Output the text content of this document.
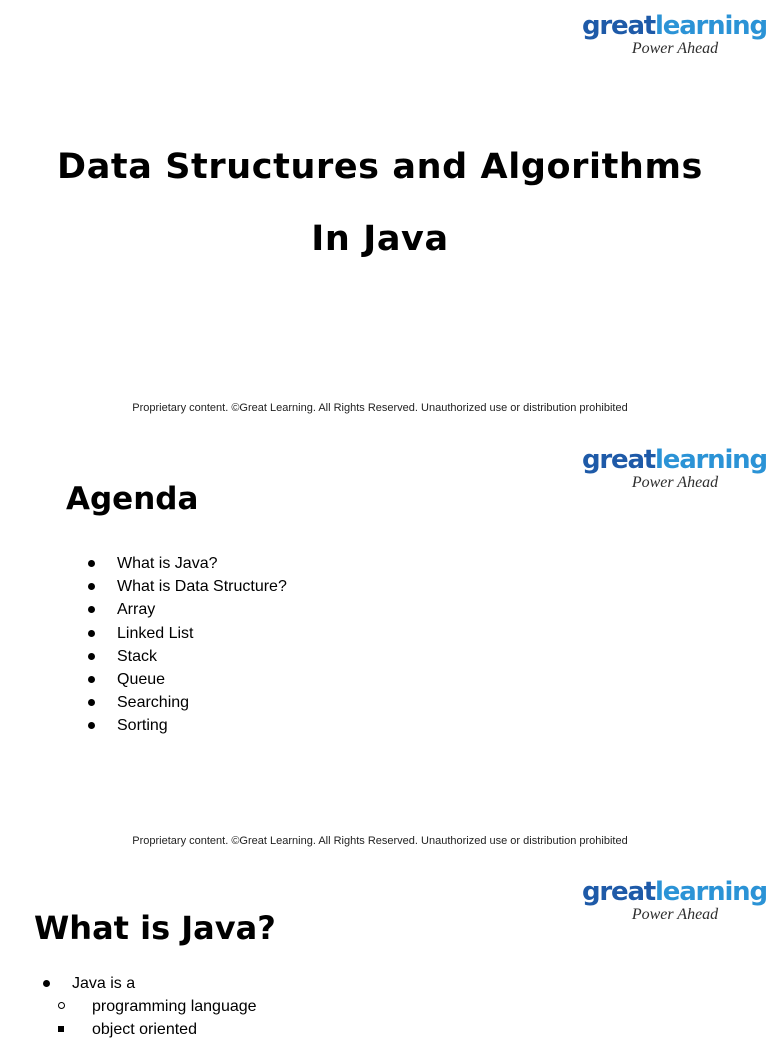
greatlearning
Power Ahead
Data Structures and Algorithms
In Java
Proprietary content. ©Great Learning. All Rights Reserved. Unauthorized use or distribution prohibited
greatlearning
Power Ahead
Agenda
What is Java?
What is Data Structure?
Array
Linked List
Stack
Queue
Searching
Sorting
Proprietary content. ©Great Learning. All Rights Reserved. Unauthorized use or distribution prohibited
greatlearning
Power Ahead
What is Java?
Java is a
programming language
object oriented
